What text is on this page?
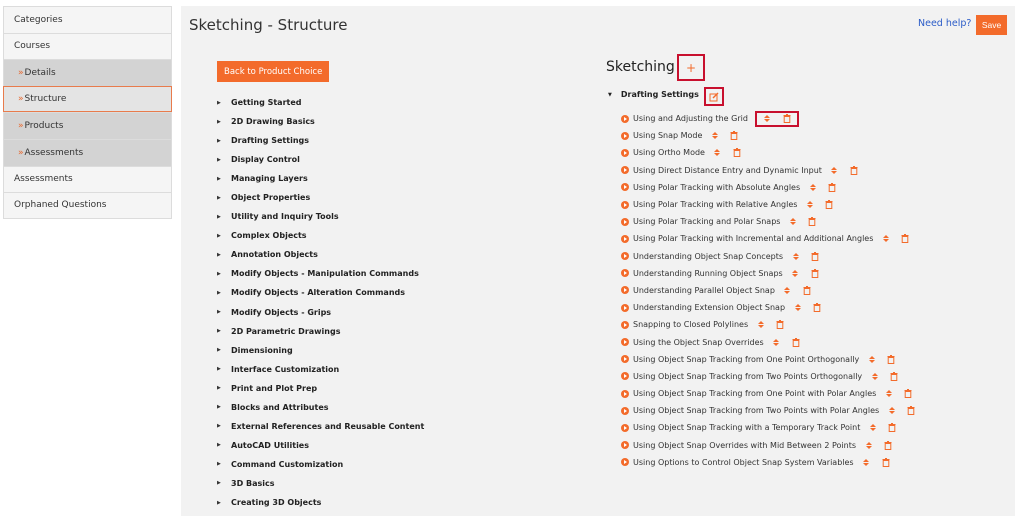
Categories
Courses
» Details
» Structure
» Products
» Assessments
Assessments
Orphaned Questions
Sketching - Structure	Need help?	Save
Back to Product Choice
▶	Getting Started
▶	2D Drawing Basics
▶	Drafting Settings
▶	Display Control
▶	Managing Layers
▶	Object Properties
▶	Utility and Inquiry Tools
▶	Complex Objects
▶	Annotation Objects
▶	Modify Objects - Manipulation Commands
▶	Modify Objects - Alteration Commands
▶	Modify Objects - Grips
▶	2D Parametric Drawings
▶	Dimensioning
▶	Interface Customization
▶	Print and Plot Prep
▶	Blocks and Attributes
▶	External References and Reusable Content
▶	AutoCAD Utilities
▶	Command Customization
▶	3D Basics
▶	Creating 3D Objects
Sketching +
▼ Drafting Settings
Using and Adjusting the Grid
Using Snap Mode
Using Ortho Mode
Using Direct Distance Entry and Dynamic Input
Using Polar Tracking with Absolute Angles
Using Polar Tracking with Relative Angles
Using Polar Tracking and Polar Snaps
Using Polar Tracking with Incremental and Additional Angles
Understanding Object Snap Concepts
Understanding Running Object Snaps
Understanding Parallel Object Snap
Understanding Extension Object Snap
Snapping to Closed Polylines
Using the Object Snap Overrides
Using Object Snap Tracking from One Point Orthogonally
Using Object Snap Tracking from Two Points Orthogonally
Using Object Snap Tracking from One Point with Polar Angles
Using Object Snap Tracking from Two Points with Polar Angles
Using Object Snap Tracking with a Temporary Track Point
Using Object Snap Overrides with Mid Between 2 Points
Using Options to Control Object Snap System Variables
